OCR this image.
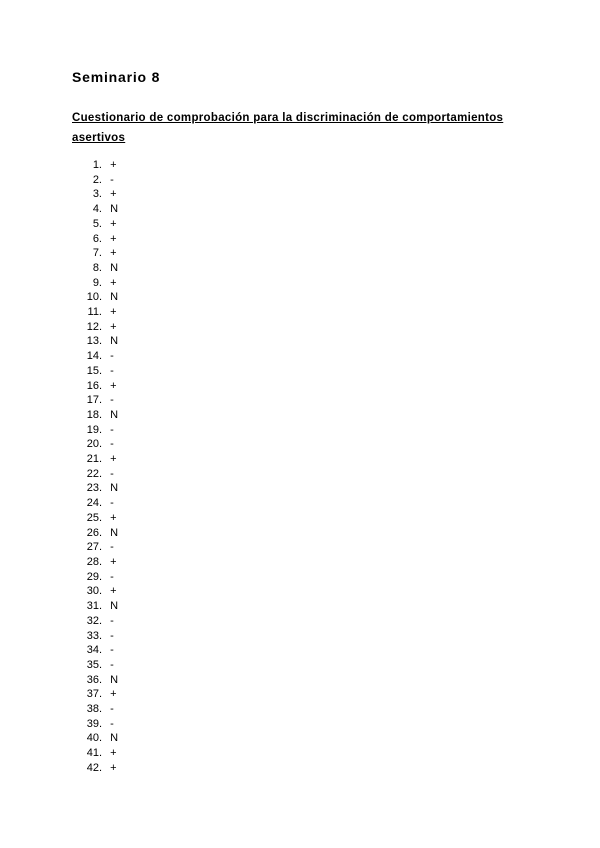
Seminario 8
Cuestionario de comprobación para la discriminación de comportamientos asertivos
1. +
2. -
3. +
4. N
5. +
6. +
7. +
8. N
9. +
10. N
11. +
12. +
13. N
14. -
15. -
16. +
17. -
18. N
19. -
20. -
21. +
22. -
23. N
24. -
25. +
26. N
27. -
28. +
29. -
30. +
31. N
32. -
33. -
34. -
35. -
36. N
37. +
38. -
39. -
40. N
41. +
42. +
